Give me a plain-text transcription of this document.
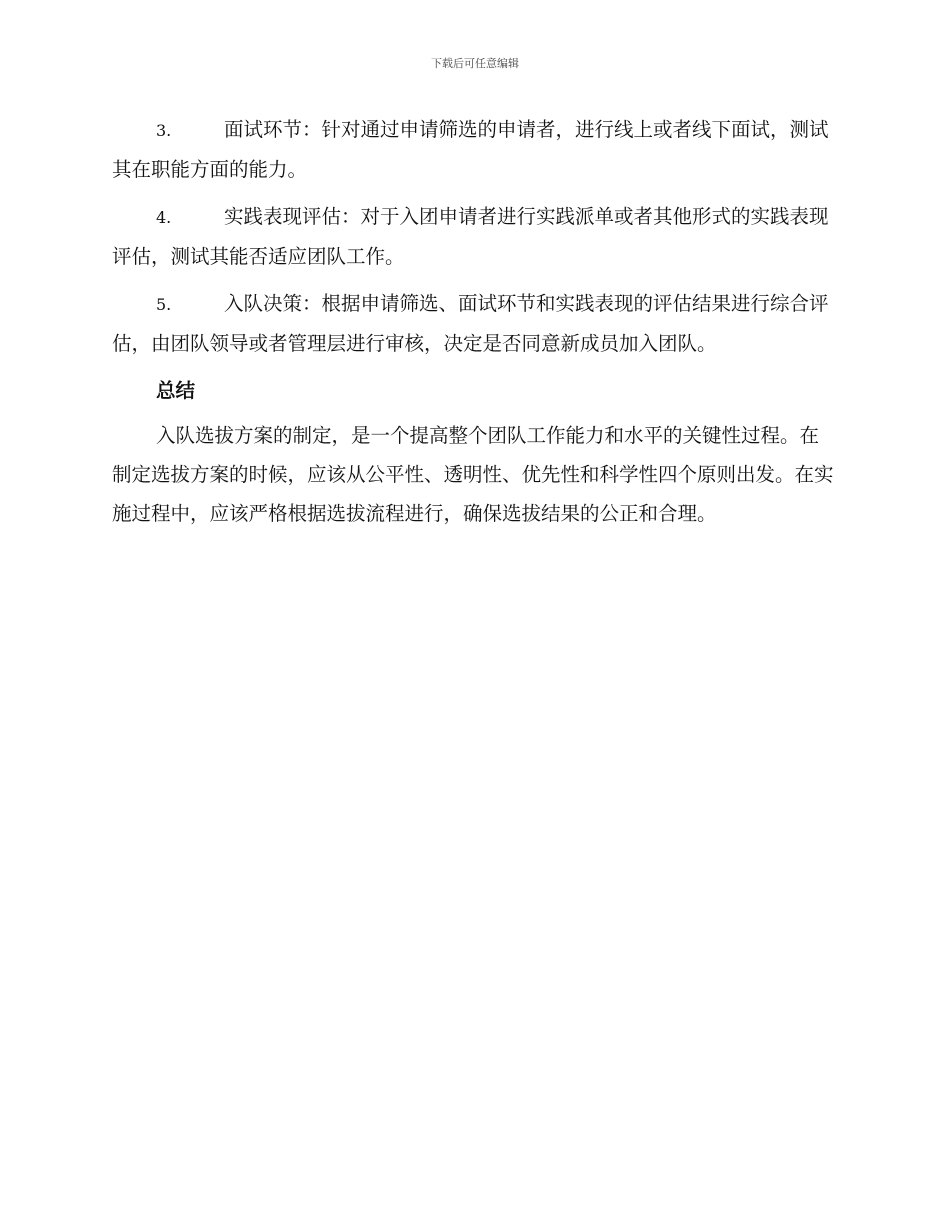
下载后可任意编辑

3.	面试环节：针对通过申请筛选的申请者，进行线上或者线下面试，测试其在职能方面的能力。

4.	实践表现评估：对于入团申请者进行实践派单或者其他形式的实践表现评估，测试其能否适应团队工作。

5.	入队决策：根据申请筛选、面试环节和实践表现的评估结果进行综合评估，由团队领导或者管理层进行审核，决定是否同意新成员加入团队。

总结

入队选拔方案的制定，是一个提高整个团队工作能力和水平的关键性过程。在制定选拔方案的时候，应该从公平性、透明性、优先性和科学性四个原则出发。在实施过程中，应该严格根据选拔流程进行，确保选拔结果的公正和合理。
